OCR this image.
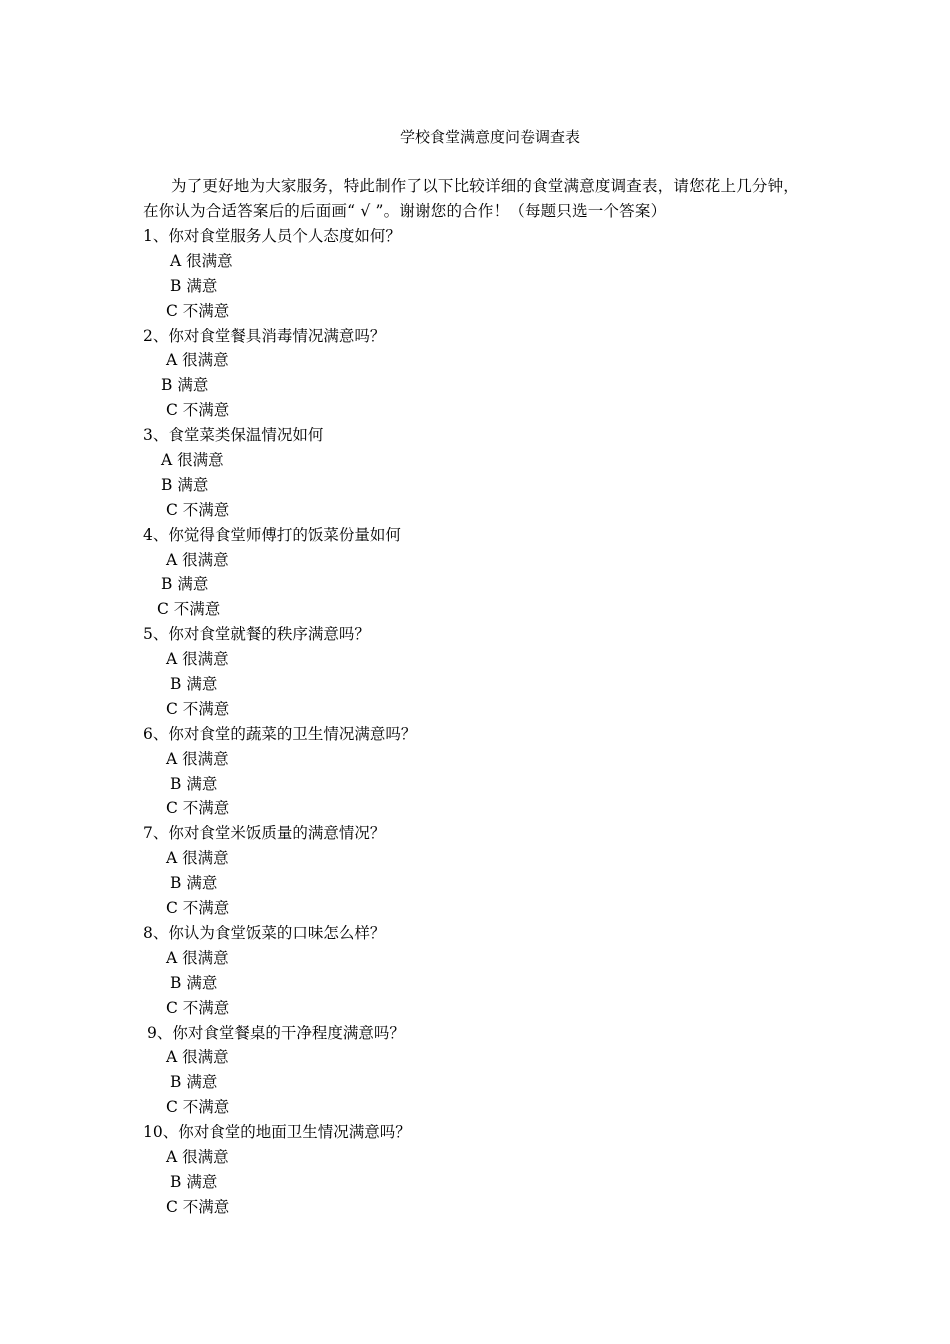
学校食堂满意度问卷调查表
为了更好地为大家服务，特此制作了以下比较详细的食堂满意度调查表，请您花上几分钟，在你认为合适答案后的后面画“ √ ”。谢谢您的合作！（每题只选一个答案）
1、你对食堂服务人员个人态度如何？
A 很满意
B 满意
C 不满意
2、你对食堂餐具消毒情况满意吗？
A 很满意
B 满意
C 不满意
3、食堂菜类保温情况如何
A 很满意
B 满意
C 不满意
4、你觉得食堂师傅打的饭菜份量如何
A 很满意
B 满意
C 不满意
5、你对食堂就餐的秩序满意吗？
A 很满意
B 满意
C 不满意
6、你对食堂的蔬菜的卫生情况满意吗？
A 很满意
B 满意
C 不满意
7、你对食堂米饭质量的满意情况？
A 很满意
B 满意
C 不满意
8、你认为食堂饭菜的口味怎么样？
A 很满意
B 满意
C 不满意
9、你对食堂餐桌的干净程度满意吗？
A 很满意
B 满意
C 不满意
10、你对食堂的地面卫生情况满意吗？
A 很满意
B 满意
C 不满意
